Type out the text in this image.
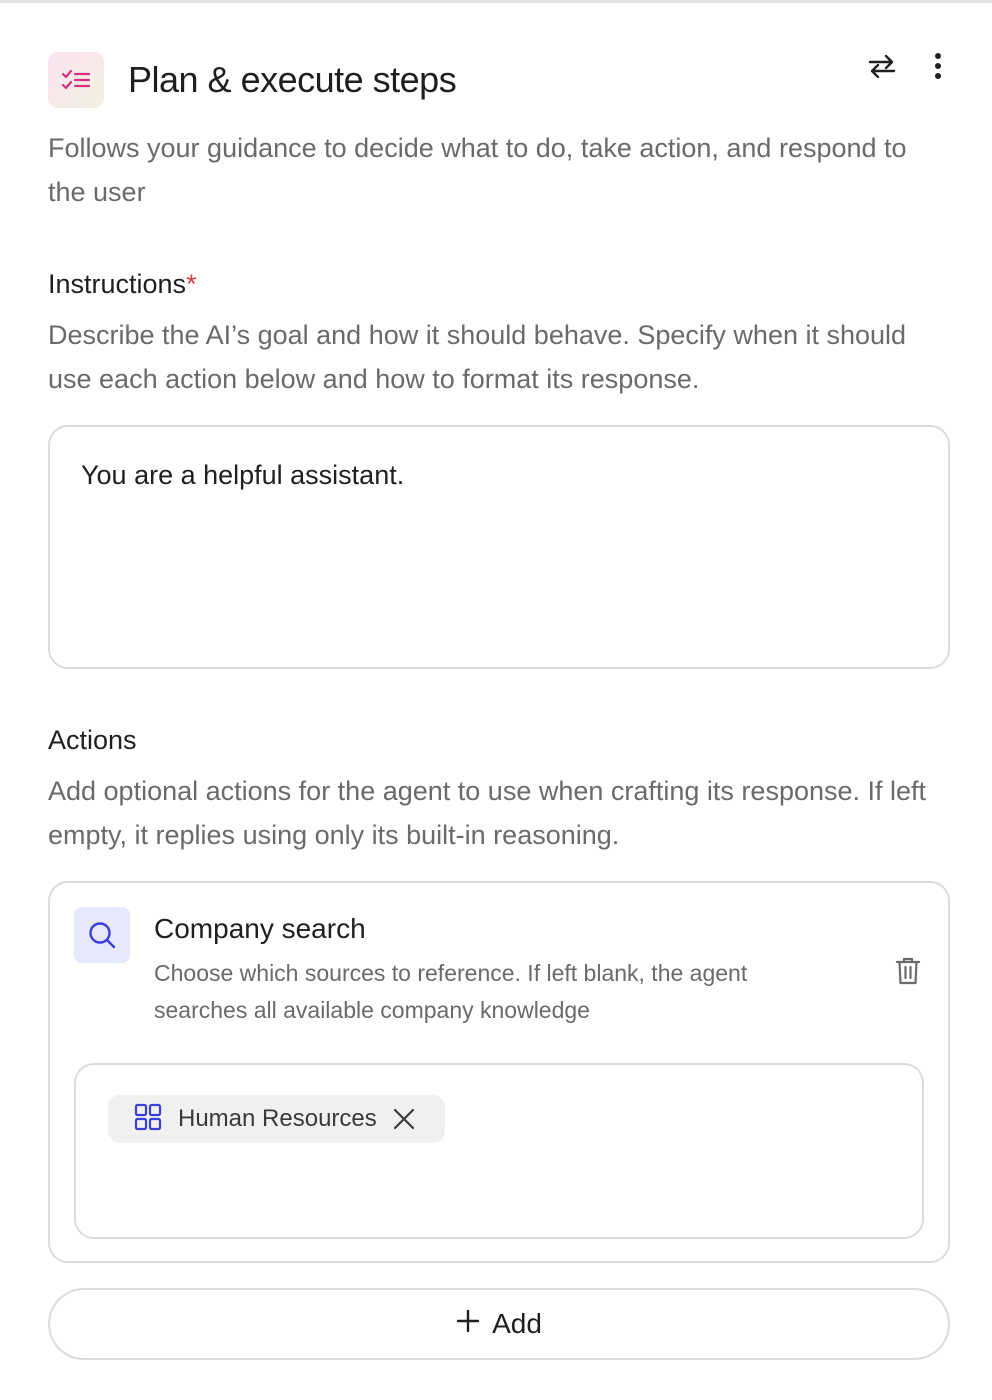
Plan & execute steps
Follows your guidance to decide what to do, take action, and respond to the user
Instructions*
Describe the AI’s goal and how it should behave. Specify when it should use each action below and how to format its response.
You are a helpful assistant.
Actions
Add optional actions for the agent to use when crafting its response. If left empty, it replies using only its built-in reasoning.
Company search
Choose which sources to reference. If left blank, the agent searches all available company knowledge
Human Resources
Add
